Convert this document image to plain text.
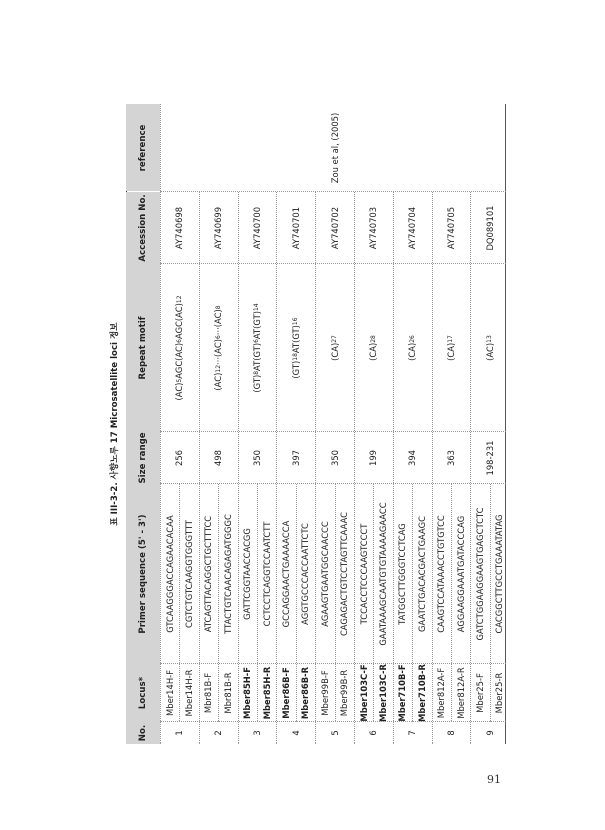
표 III-3-2. 사향노루 17 Microsatellite loci 정보
No.
Locus*
Primer sequence (5' - 3')
Size range
Repeat motif
Accession No.
reference
1
Mber14H-F
GTCAAGGGACCAGAACACAA
Mber14H-R
CGTCTGTCAAGGTGGGTTT
256
(AC)
5
AGC(AC)
6
AGC(AC)
12
AY740698
2
Mbr81B-F
ATCAGTTACAGGCTGCTTTCC
Mbr81B-R
TTACTGTCAACAGAGATGGGC
498
(AC)
12
···(AC)
6
···(AC)
8
AY740699
3
Mber85H-F
GATTCGGTAACCACGG
Mber85H-R
CCTCCTCAGGTCCAATCTT
350
(GT)
8
AT(GT)
6
AT(GT)
14
AY740700
4
Mber86B-F
GCCAGGAACTGAAAACCA
Mber86B-R
AGGTGCCCACCAATTCTC
397
(GT)
18
AT(GT)
16
AY740701
5
Mber99B-F
AGAAGTGAATGGCAACCC
Mber99B-R
CAGAGACTGTCCTAGTTCAAAC
350
(CA)
27
AY740702
6
Mber103C-F
TCCACCTCCCAAGTCCCT
Mber103C-R
GAATAAAGCAATGTGTAAAAGAACC
199
(CA)
28
AY740703
7
Mber710B-F
TATGGCTTGGGTCCTCAG
Mber710B-R
GAATCTGACACGACTGAAGC
394
(CA)
26
AY740704
8
Mber812A-F
CAAGTCCATAAACCTGTGTCC
Mber812A-R
AGGAAGGAAATGATACCCAG
363
(CA)
17
AY740705
9
Mber25-F
GATCTGGAAGGAAGTGAGCTCTC
Mber25-R
CACGGCTTGCCTGAAATATAG
198-231
(AC)
13
DQ089101
Zou et al, (2005)
91
